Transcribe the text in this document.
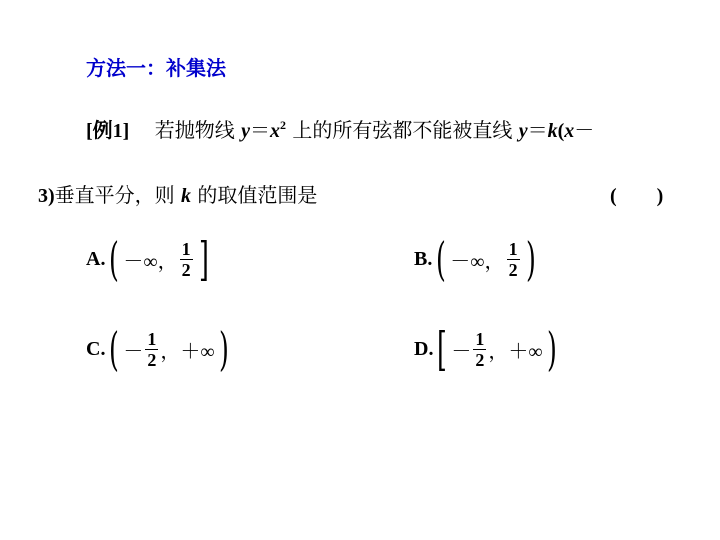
方法一：补集法
[例1] 若抛物线 $y=x^2$ 上的所有弦都不能被直线 y＝k(x－
3)垂直平分，则 k 的取值范围是	(　　)
A. ( －∞， $\frac{1}{2}$ ]	B. ( －∞， $\frac{1}{2}$ )
C. ( － $\frac{1}{2}$ ，＋∞ )	D. [ － $\frac{1}{2}$ ，＋∞ )
